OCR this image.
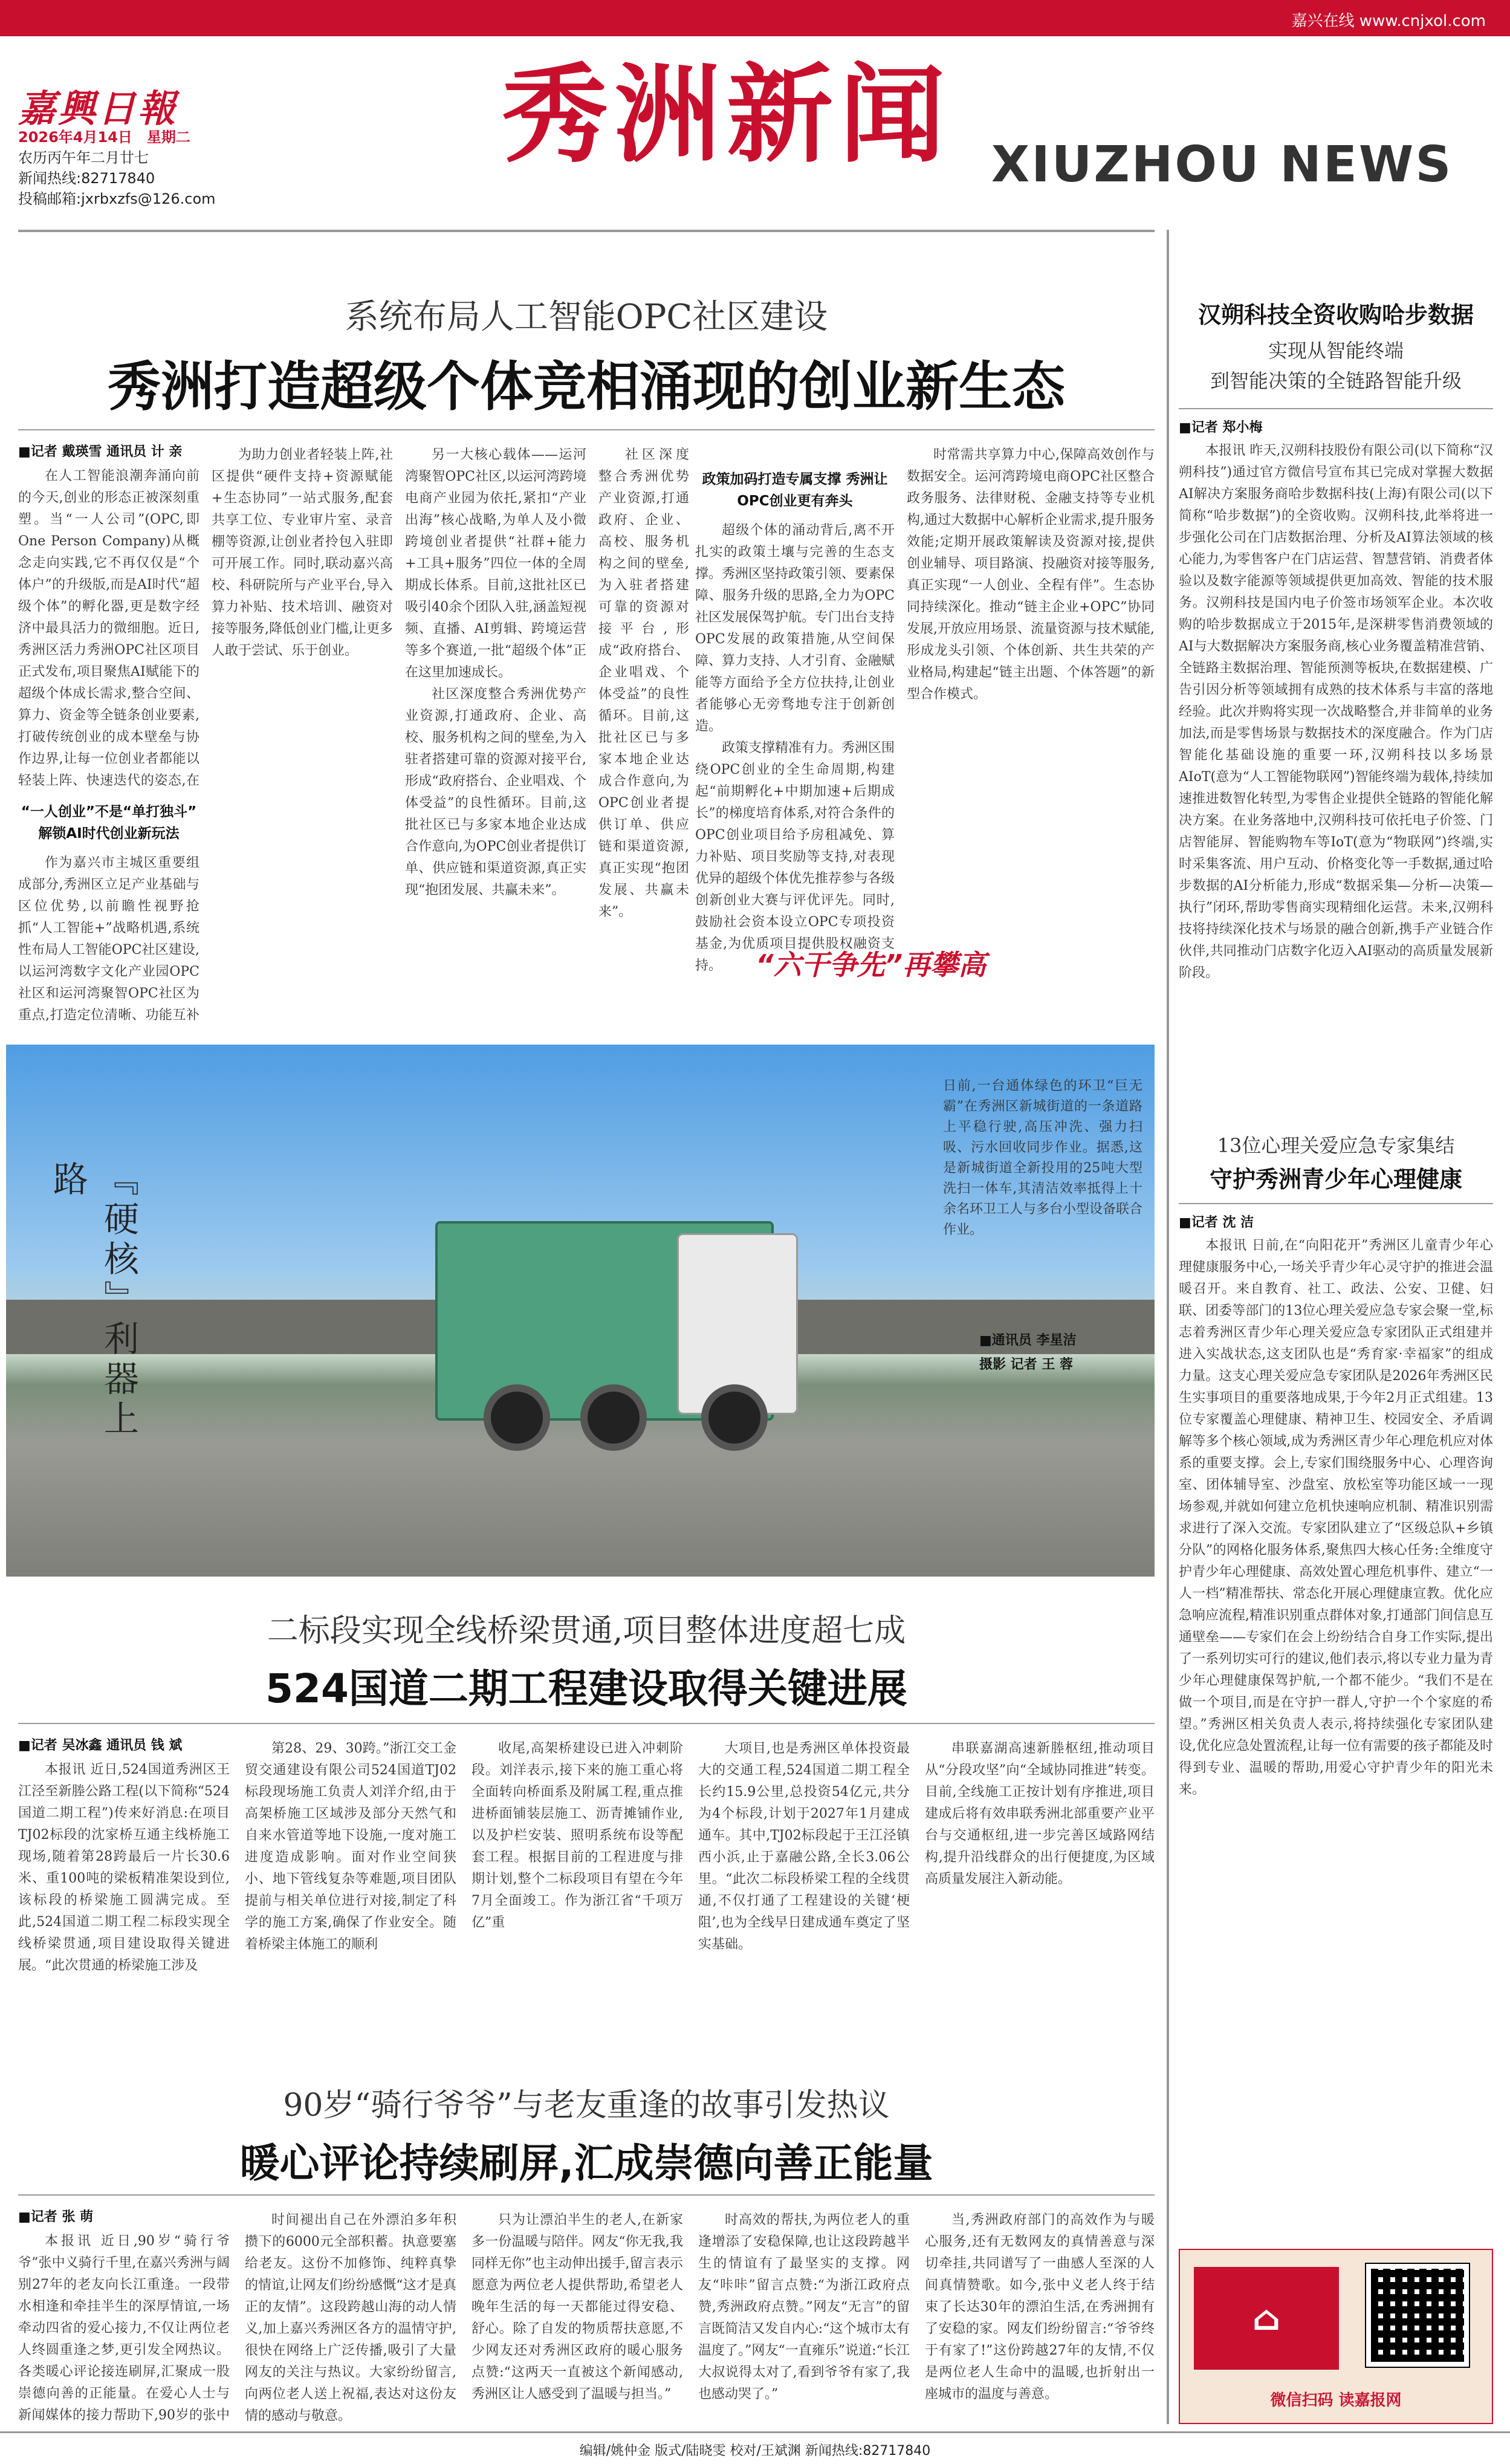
嘉兴在线 www.cnjxol.com
嘉興日報
2026年4月14日　 星期二
农历丙午年二月廿七
新闻热线:82717840
投稿邮箱:jxrbxzfs@126.com
秀洲新闻 XIUZHOU NEWS
系统布局人工智能OPC社区建设
秀洲打造超级个体竞相涌现的创业新生态
■记者 戴瑛雪 通讯员 计 亲

在人工智能浪潮奔涌向前的今天,创业的形态正被深刻重塑。当“一人公司”(OPC,即One Person Company)从概念走向实践,它不再仅仅是“个体户”的升级版,而是AI时代“超级个体”的孵化器,更是数字经济中最具活力的微细胞。近日,秀洲区活力秀洲OPC社区项目正式发布,项目聚焦AI赋能下的超级个体成长需求,整合空间、算力、资金等全链条创业要素,打破传统创业的成本壁垒与协作边界,让每一位创业者都能以轻装上阵、快速迭代的姿态,在

“一人创业”不是“单打独斗” 解锁AI时代创业新玩法

作为嘉兴市主城区重要组成部分,秀洲区立足产业基础与区位优势,以前瞻性视野抢抓“人工智能+”战略机遇,系统性布局人工智能OPC社区建设,以运河湾数字文化产业园OPC社区和运河湾聚智OPC社区为重点,打造定位清晰、功能互补

为助力创业者轻装上阵,社区提供“硬件支持+资源赋能+生态协同”一站式服务,配套共享工位、专业审片室、录音棚等资源,让创业者拎包入驻即可开展工作。同时,联动嘉兴高校、科研院所与产业平台,导入算力补贴、技术培训、融资对接等服务,降低创业门槛,让更多人敢于尝试、乐于创业。

另一大核心载体——运河湾聚智OPC社区,以运河湾跨境电商产业园为依托,紧扣“产业出海”核心战略,为单人及小微跨境创业者提供“社群+能力+工具+服务”四位一体的全周期成长体系。目前,这批社区已吸引40余个团队入驻,涵盖短视频、直播、AI剪辑、跨境运营等多个赛道,一批“超级个体”正在这里加速成长。

社区深度整合秀洲优势产业资源,打通政府、企业、高校、服务机构之间的壁垒,为入驻者搭建可靠的资源对接平台,形成“政府搭台、企业唱戏、个体受益”的良性循环。目前,这批社区已与多家本地企业达成合作意向,为OPC创业者提供订单、供应链和渠道资源,真正实现“抱团发展、共赢未来”。

社区深度整合秀洲优势产业资源,打通政府、企业、高校、服务机构之间的壁垒,为入驻者搭建可靠的资源对接平台,形成“政府搭台、企业唱戏、个体受益”的良性循环。目前,这批社区已与多家本地企业达成合作意向,为OPC创业者提供订单、供应链和渠道资源,真正实现“抱团发展、共赢未来”。

政策加码打造专属支撑 秀洲让OPC创业更有奔头

超级个体的涌动背后,离不开扎实的政策土壤与完善的生态支撑。秀洲区坚持政策引领、要素保障、服务升级的思路,全力为OPC社区发展保驾护航。专门出台支持OPC发展的政策措施,从空间保障、算力支持、人才引育、金融赋能等方面给予全方位扶持,让创业者能够心无旁骛地专注于创新创造。

政策支撑精准有力。秀洲区围绕OPC创业的全生命周期,构建起“前期孵化+中期加速+后期成长”的梯度培育体系,对符合条件的OPC创业项目给予房租减免、算力补贴、项目奖励等支持,对表现优异的超级个体优先推荐参与各级创新创业大赛与评优评先。同时,鼓励社会资本设立OPC专项投资基金,为优质项目提供股权融资支持。

时常需共享算力中心,保障高效创作与数据安全。运河湾跨境电商OPC社区整合政务服务、法律财税、金融支持等专业机构,通过大数据中心解析企业需求,提升服务效能;定期开展政策解读及资源对接,提供创业辅导、项目路演、投融资对接等服务,真正实现“一人创业、全程有伴”。生态协同持续深化。推动“链主企业+OPC”协同发展,开放应用场景、流量资源与技术赋能,形成龙头引领、个体创新、共生共荣的产业格局,构建起“链主出题、个体答题”的新型合作模式。

“六干争先”再攀高
『硬核』利器上路
日前,一台通体绿色的环卫“巨无霸”在秀洲区新城街道的一条道路上平稳行驶,高压冲洗、强力扫吸、污水回收同步作业。据悉,这是新城街道全新投用的25吨大型洗扫一体车,其清洁效率抵得上十余名环卫工人与多台小型设备联合作业。
■通讯员 李星洁
摄影 记者 王 蓉
二标段实现全线桥梁贯通,项目整体进度超七成
524国道二期工程建设取得关键进展
■记者 吴冰鑫 通讯员 钱 斌

本报讯 近日,524国道秀洲区王江泾至新塍公路工程(以下简称“524国道二期工程”)传来好消息:在项目TJ02标段的沈家桥互通主线桥施工现场,随着第28跨最后一片长30.6米、重100吨的梁板精准架设到位,该标段的桥梁施工圆满完成。至此,524国道二期工程二标段实现全线桥梁贯通,项目建设取得关键进展。“此次贯通的桥梁施工涉及

第28、29、30跨。”浙江交工金贸交通建设有限公司524国道TJ02标段现场施工负责人刘洋介绍,由于高架桥施工区域涉及部分天然气和自来水管道等地下设施,一度对施工进度造成影响。面对作业空间狭小、地下管线复杂等难题,项目团队提前与相关单位进行对接,制定了科学的施工方案,确保了作业安全。随着桥梁主体施工的顺利

收尾,高架桥建设已进入冲刺阶段。刘洋表示,接下来的施工重心将全面转向桥面系及附属工程,重点推进桥面铺装层施工、沥青摊铺作业,以及护栏安装、照明系统布设等配套工程。根据目前的工程进度与排期计划,整个二标段项目有望在今年7月全面竣工。作为浙江省“千项万亿”重

大项目,也是秀洲区单体投资最大的交通工程,524国道二期工程全长约15.9公里,总投资54亿元,共分为4个标段,计划于2027年1月建成通车。其中,TJ02标段起于王江泾镇西小浜,止于嘉融公路,全长3.06公里。“此次二标段桥梁工程的全线贯通,不仅打通了工程建设的关键‘梗阻’,也为全线早日建成通车奠定了坚实基础。

串联嘉湖高速新塍枢纽,推动项目从“分段攻坚”向“全域协同推进”转变。目前,全线施工正按计划有序推进,项目建成后将有效串联秀洲北部重要产业平台与交通枢纽,进一步完善区域路网结构,提升沿线群众的出行便捷度,为区域高质量发展注入新动能。

90岁“骑行爷爷”与老友重逢的故事引发热议
暖心评论持续刷屏,汇成崇德向善正能量
■记者 张 萌

本报讯 近日,90岁“骑行爷爷”张中义骑行千里,在嘉兴秀洲与阔别27年的老友向长江重逢。一段带水相逢和牵挂半生的深厚情谊,一场牵动四省的爱心接力,不仅让两位老人终圆重逢之梦,更引发全网热议。各类暖心评论接连刷屏,汇聚成一股崇德向善的正能量。在爱心人士与新闻媒体的接力帮助下,90岁的张中

时间褪出自己在外漂泊多年积攒下的6000元全部积蓄。执意要塞给老友。这份不加修饰、纯粹真挚的情谊,让网友们纷纷感慨“这才是真正的友情”。这段跨越山海的动人情义,加上嘉兴秀洲区各方的温情守护,很快在网络上广泛传播,吸引了大量网友的关注与热议。大家纷纷留言,向两位老人送上祝福,表达对这份友情的感动与敬意。

只为让漂泊半生的老人,在新家多一份温暖与陪伴。网友“你无我,我同样无你”也主动伸出援手,留言表示愿意为两位老人提供帮助,希望老人晚年生活的每一天都能过得安稳、舒心。除了自发的物质帮扶意愿,不少网友还对秀洲区政府的暖心服务点赞:“这两天一直被这个新闻感动,秀洲区让人感受到了温暖与担当。”

时高效的帮扶,为两位老人的重逢增添了安稳保障,也让这段跨越半生的情谊有了最坚实的支撑。网友“咔咔”留言点赞:“为浙江政府点赞,秀洲政府点赞。”网友“无言”的留言既简洁又发自内心:“这个城市太有温度了。”网友“一直雍乐”说道:“长江大叔说得太对了,看到爷爷有家了,我也感动哭了。”

当,秀洲政府部门的高效作为与暖心服务,还有无数网友的真情善意与深切牵挂,共同谱写了一曲感人至深的人间真情赞歌。如今,张中义老人终于结束了长达30年的漂泊生活,在秀洲拥有了安稳的家。网友们纷纷留言:“爷爷终于有家了!”这份跨越27年的友情,不仅是两位老人生命中的温暖,也折射出一座城市的温度与善意。

汉朔科技全资收购哈步数据
实现从智能终端
到智能决策的全链路智能升级
■记者 郑小梅

本报讯 昨天,汉朔科技股份有限公司(以下简称“汉朔科技”)通过官方微信号宣布其已完成对掌握大数据AI解决方案服务商哈步数据科技(上海)有限公司(以下简称“哈步数据”)的全资收购。汉朔科技,此举将进一步强化公司在门店数据治理、分析及AI算法领域的核心能力,为零售客户在门店运营、智慧营销、消费者体验以及数字能源等领域提供更加高效、智能的技术服务。汉朔科技是国内电子价签市场领军企业。本次收购的哈步数据成立于2015年,是深耕零售消费领域的AI与大数据解决方案服务商,核心业务覆盖精准营销、全链路主数据治理、智能预测等板块,在数据建模、广告引因分析等领域拥有成熟的技术体系与丰富的落地经验。此次并购将实现一次战略整合,并非简单的业务加法,而是零售场景与数据技术的深度融合。作为门店智能化基础设施的重要一环,汉朔科技以多场景AIoT(意为“人工智能物联网”)智能终端为载体,持续加速推进数智化转型,为零售企业提供全链路的智能化解决方案。在业务落地中,汉朔科技可依托电子价签、门店智能屏、智能购物车等IoT(意为“物联网”)终端,实时采集客流、用户互动、价格变化等一手数据,通过哈步数据的AI分析能力,形成“数据采集—分析—决策—执行”闭环,帮助零售商实现精细化运营。未来,汉朔科技将持续深化技术与场景的融合创新,携手产业链合作伙伴,共同推动门店数字化迈入AI驱动的高质量发展新阶段。

13位心理关爱应急专家集结
守护秀洲青少年心理健康
■记者 沈 洁

本报讯 日前,在“向阳花开”秀洲区儿童青少年心理健康服务中心,一场关乎青少年心灵守护的推进会温暖召开。来自教育、社工、政法、公安、卫健、妇联、团委等部门的13位心理关爱应急专家会聚一堂,标志着秀洲区青少年心理关爱应急专家团队正式组建并进入实战状态,这支团队也是“秀育家·幸福家”的组成力量。这支心理关爱应急专家团队是2026年秀洲区民生实事项目的重要落地成果,于今年2月正式组建。13位专家覆盖心理健康、精神卫生、校园安全、矛盾调解等多个核心领域,成为秀洲区青少年心理危机应对体系的重要支撑。会上,专家们围绕服务中心、心理咨询室、团体辅导室、沙盘室、放松室等功能区域一一现场参观,并就如何建立危机快速响应机制、精准识别需求进行了深入交流。专家团队建立了“区级总队+乡镇分队”的网格化服务体系,聚焦四大核心任务:全维度守护青少年心理健康、高效处置心理危机事件、建立“一人一档”精准帮扶、常态化开展心理健康宣教。优化应急响应流程,精准识别重点群体对象,打通部门间信息互通壁垒——专家们在会上纷纷结合自身工作实际,提出了一系列切实可行的建议,他们表示,将以专业力量为青少年心理健康保驾护航,一个都不能少。“我们不是在做一个项目,而是在守护一群人,守护一个个家庭的希望。”秀洲区相关负责人表示,将持续强化专家团队建设,优化应急处置流程,让每一位有需要的孩子都能及时得到专业、温暖的帮助,用爱心守护青少年的阳光未来。

⌂
微信扫码 读嘉报网
编辑/姚仲金 版式/陆晓雯 校对/王斌渊 新闻热线:82717840
